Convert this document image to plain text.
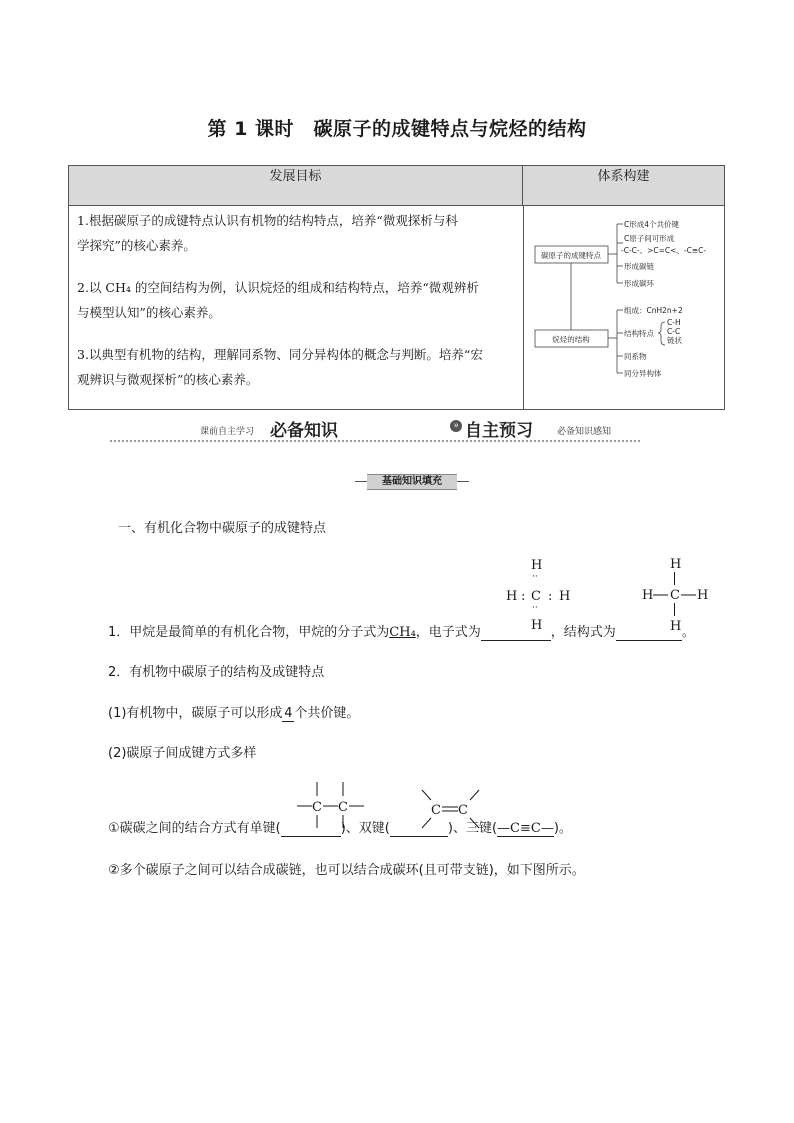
第 1 课时　碳原子的成键特点与烷烃的结构
发展目标	体系构建
1.根据碳原子的成键特点认识有机物的结构特点，培养“微观探析与科
学探究”的核心素养。
2.以 CH₄ 的空间结构为例，认识烷烃的组成和结构特点，培养“微观辨析
与模型认知”的核心素养。
3.以典型有机物的结构，理解同系物、同分异构体的概念与判断。培养“宏
观辨识与微观探析”的核心素养。
碳原子的成键特点
C形成4个共价键
C原子间可形成
-C-C-、>C=C<、-C≡C-
形成碳链
形成碳环
烷烃的结构
组成：CnH2n+2
结构特点
同系物
同分异构体
C-H
C-C
链状
课前自主学习 必备知识	» 自主预习	必备知识感知
基础知识填充
一、有机化合物中碳原子的成键特点
H
··
H : C : H
··
H
H
H C H
H
1．甲烷是最简单的有机化合物，甲烷的分子式为CH₄，电子式为	，结构式为	。
2．有机物中碳原子的结构及成键特点
(1)有机物中，碳原子可以形成 4 个共价键。
(2)碳原子间成键方式多样
C C	C C
①碳碳之间的结合方式有单键(	)、双键(	)、三键(—C≡C—)。
②多个碳原子之间可以结合成碳链，也可以结合成碳环(且可带支链)，如下图所示。
